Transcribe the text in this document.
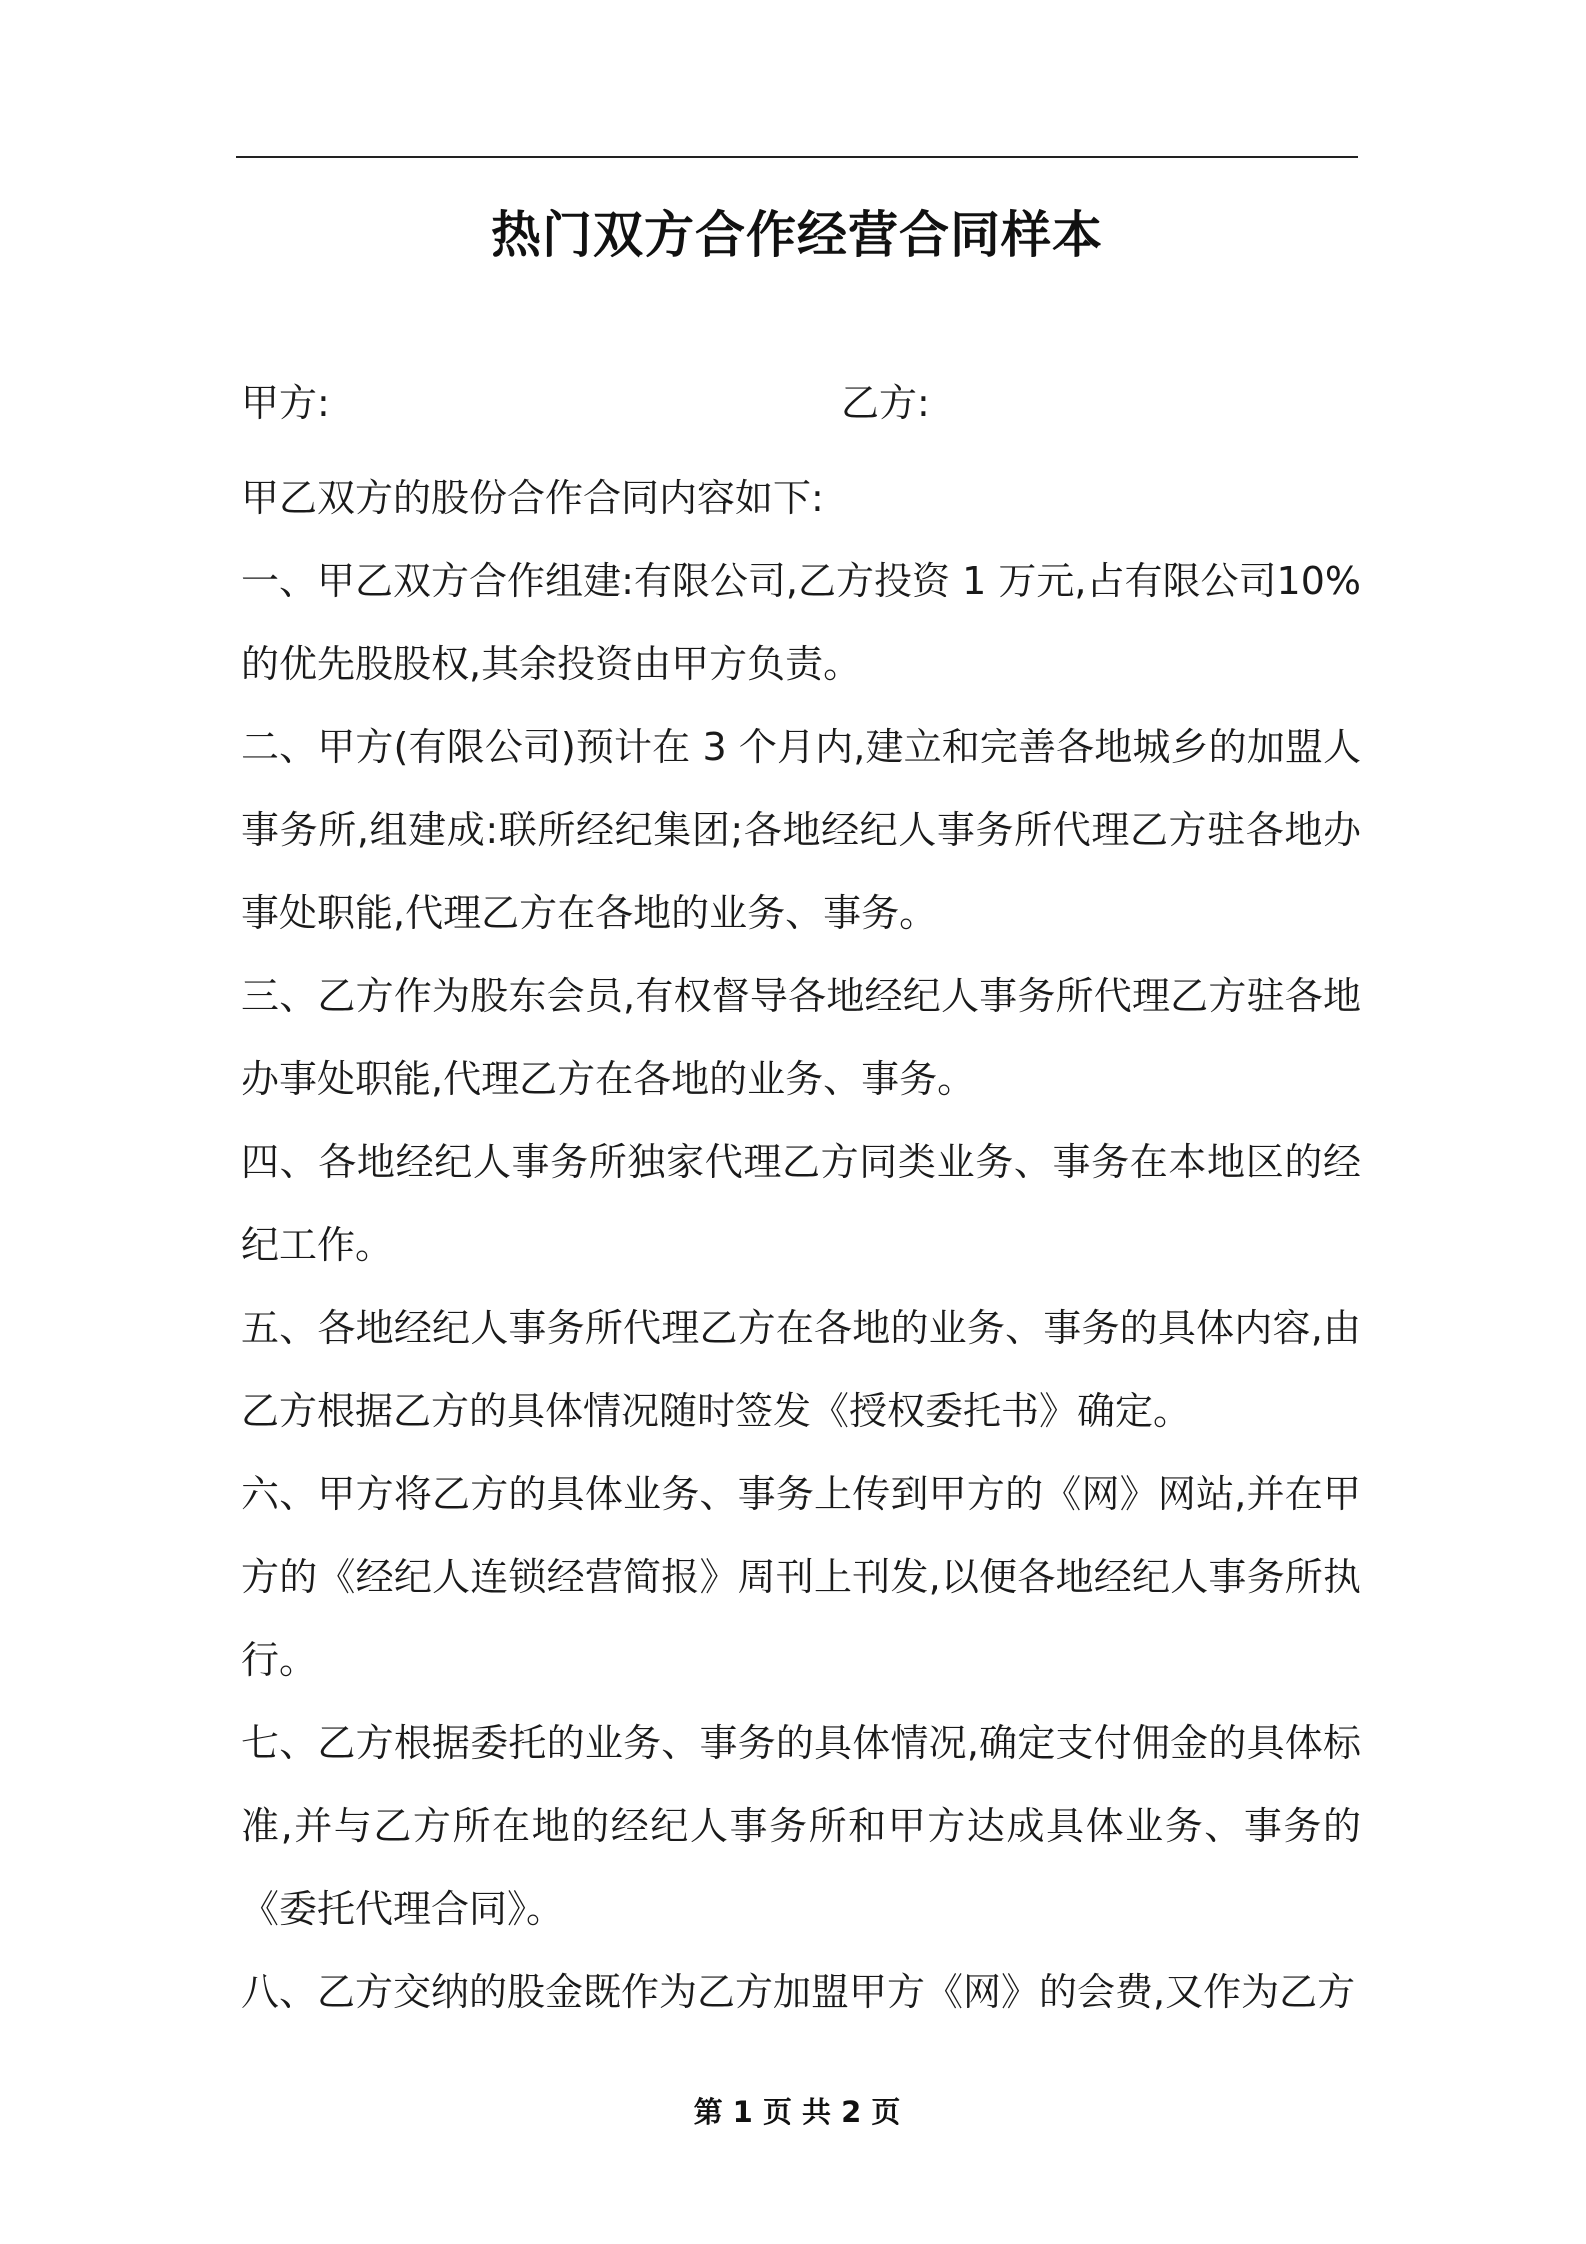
热门双方合作经营合同样本
甲方:	乙方:

甲乙双方的股份合作合同内容如下:

一、甲乙双方合作组建:有限公司,乙方投资 1 万元,占有限公司10%的优先股股权,其余投资由甲方负责。

二、甲方(有限公司)预计在 3 个月内,建立和完善各地城乡的加盟人事务所,组建成:联所经纪集团;各地经纪人事务所代理乙方驻各地办事处职能,代理乙方在各地的业务、事务。

三、乙方作为股东会员,有权督导各地经纪人事务所代理乙方驻各地办事处职能,代理乙方在各地的业务、事务。

四、各地经纪人事务所独家代理乙方同类业务、事务在本地区的经纪工作。

五、各地经纪人事务所代理乙方在各地的业务、事务的具体内容,由乙方根据乙方的具体情况随时签发《授权委托书》确定。

六、甲方将乙方的具体业务、事务上传到甲方的《网》网站,并在甲方的《经纪人连锁经营简报》周刊上刊发,以便各地经纪人事务所执行。

七、乙方根据委托的业务、事务的具体情况,确定支付佣金的具体标准,并与乙方所在地的经纪人事务所和甲方达成具体业务、事务的《委托代理合同》。

八、乙方交纳的股金既作为乙方加盟甲方《网》的会费,又作为乙方

第 1 页 共 2 页
